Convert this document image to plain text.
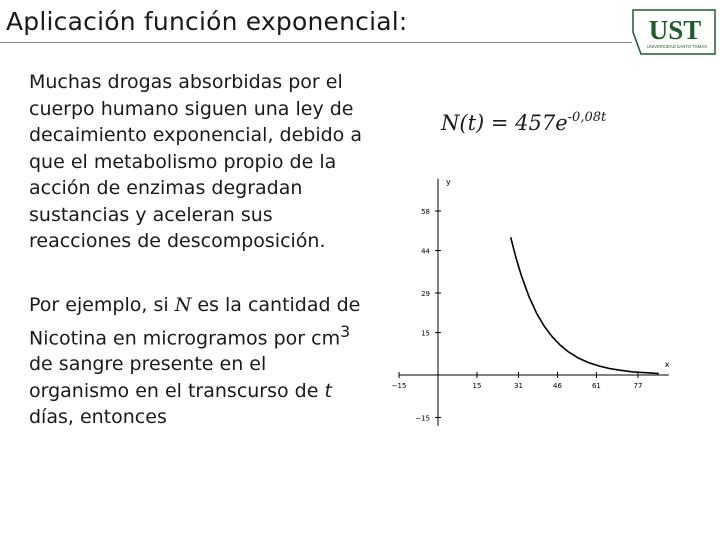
Aplicación función exponencial:	UST
UNIVERSIDAD SANTO TOMÁS
Muchas drogas absorbidas por el cuerpo humano siguen una ley de decaimiento exponencial, debido a que el metabolismo propio de la acción de enzimas degradan sustancias y aceleran sus reacciones de descomposición.
Por ejemplo, si N es la cantidad de Nicotina en microgramos por $cm^3$ de sangre presente en el organismo en el transcurso de t días, entonces
$N(t) = 457e^{-0,08t}$
x
y
−15	15	31	46	61	77
58
44
29
15
−15
